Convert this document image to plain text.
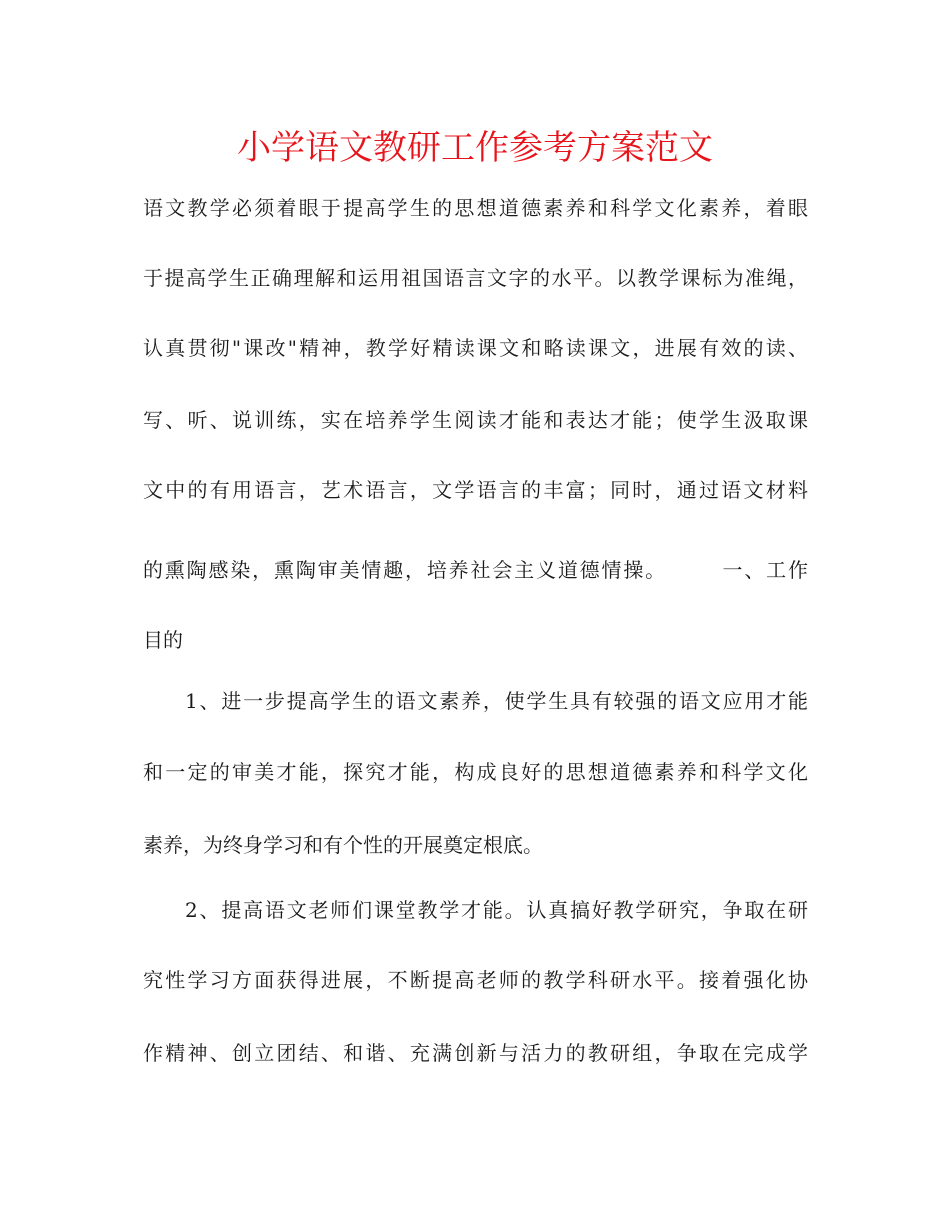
小学语文教研工作参考方案范文

语文教学必须着眼于提高学生的思想道德素养和科学文化素养，着眼

于提高学生正确理解和运用祖国语言文字的水平。以教学课标为准绳，

认真贯彻"课改"精神，教学好精读课文和略读课文，进展有效的读、

写、听、说训练，实在培养学生阅读才能和表达才能；使学生汲取课

文中的有用语言，艺术语言，文学语言的丰富；同时，通过语文材料

的熏陶感染，熏陶审美情趣，培养社会主义道德情操。　　　一、工作

目的

1、进一步提高学生的语文素养，使学生具有较强的语文应用才能

和一定的审美才能，探究才能，构成良好的思想道德素养和科学文化

素养，为终身学习和有个性的开展奠定根底。

2、提高语文老师们课堂教学才能。认真搞好教学研究，争取在研

究性学习方面获得进展，不断提高老师的教学科研水平。接着强化协

作精神、创立团结、和谐、充满创新与活力的教研组，争取在完成学
